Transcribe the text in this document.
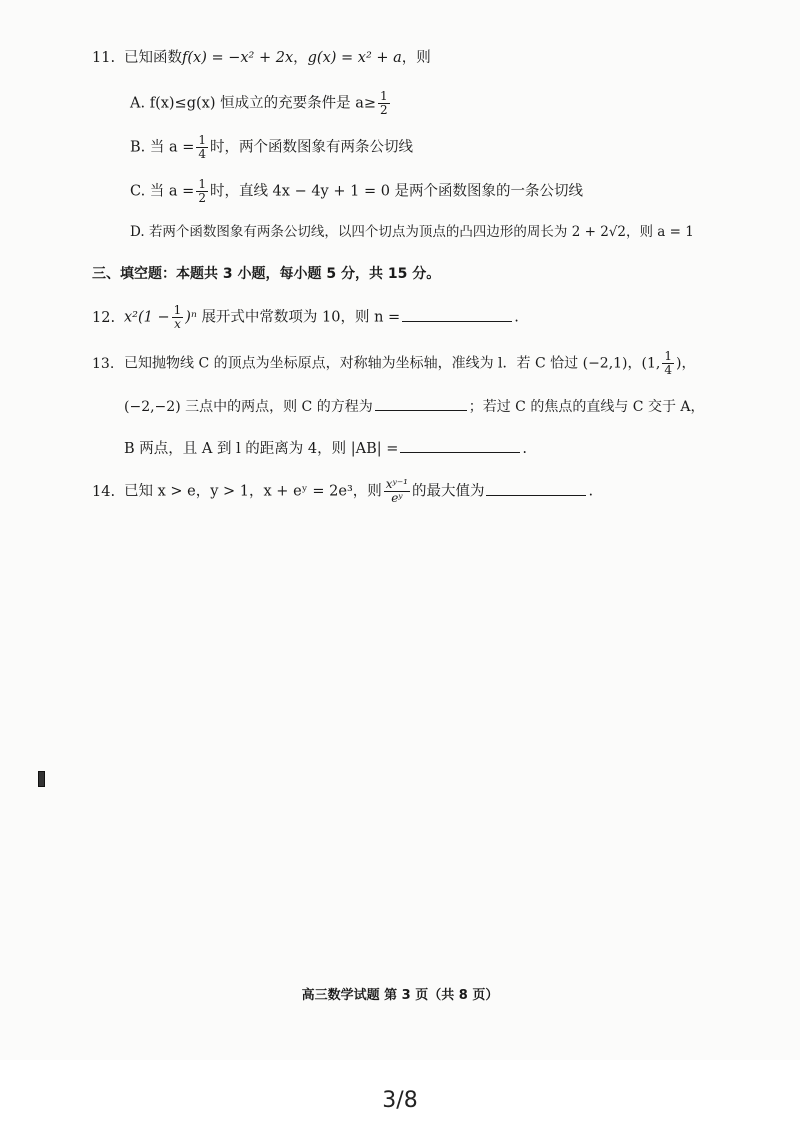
11. 已知函数f(x) = −x² + 2x，g(x) = x² + a，则
A. f(x)≤g(x) 恒成立的充要条件是 $a\ge \frac{1}{2}$
B. 当 $a = \frac{1}{4}$ 时，两个函数图象有两条公切线
C. 当 $a = \frac{1}{2}$ 时，直线 4x − 4y + 1 = 0 是两个函数图象的一条公切线
D. 若两个函数图象有两条公切线，以四个切点为顶点的凸四边形的周长为 2 + 2√2，则 a = 1
三、填空题：本题共 3 小题，每小题 5 分，共 15 分。
12. $x^2(1 - \frac{1}{x} )^n$ 展开式中常数项为 10，则 n =	.
13. 已知抛物线 C 的顶点为坐标原点，对称轴为坐标轴，准线为 l．若 C 恰过 (−2,1)，(1, $\frac{1}{4}$ )，
(−2,−2) 三点中的两点，则 C 的方程为	；若过 C 的焦点的直线与 C 交于 A，
B 两点，且 A 到 l 的距离为 4，则 |AB| =	.
14. 已知 x > e，y > 1，x + eʸ = 2e³，则 $\frac{\text{xʸ⁻¹}}{\text{eʸ}}$ 的最大值为	.
高三数学试题 第 3 页（共 8 页）
3/8
